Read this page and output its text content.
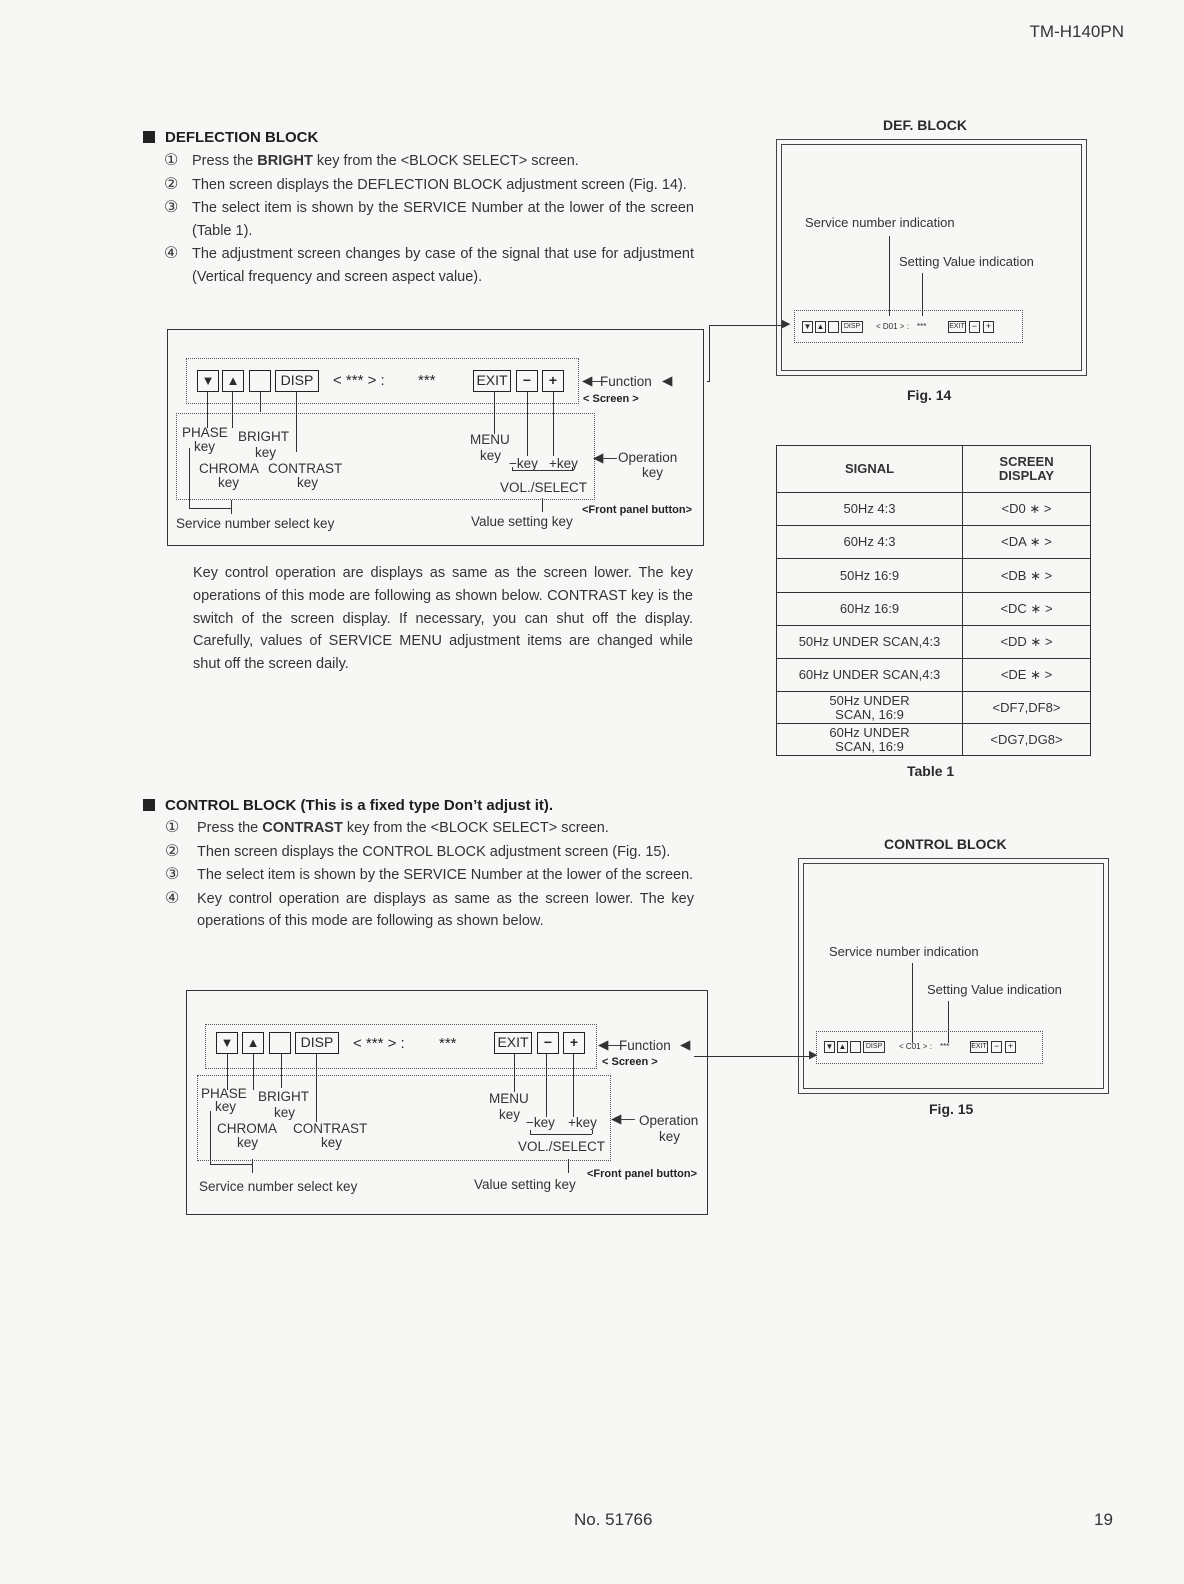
TM-H140PN
DEFLECTION BLOCK
① Press the BRIGHT key from the <BLOCK SELECT> screen.
② Then screen displays the DEFLECTION BLOCK adjustment screen (Fig. 14).
③ The select item is shown by the SERVICE Number at the lower of the screen (Table 1).
④ The adjustment screen changes by case of the signal that use for adjustment (Vertical frequency and screen aspect value).
▼ ▲	DISP	< *** > : ***	EXIT	−	+	◀—
Function ◀
< Screen >
PHASE
key
BRIGHT
key
CHROMA
key
CONTRAST
key
MENU
key
−key +key
VOL./SELECT
◀— Operation
key
<Front panel button>
Service number select key	Value setting key
▶
Key control operation are displays as same as the screen lower. The key operations of this mode are following as shown below. CONTRAST key is the switch of the screen display. If necessary, you can shut off the display. Carefully, values of SERVICE MENU adjustment items are changed while shut off the screen daily.
DEF. BLOCK
Service number indication
Setting Value indication
▼ ▲	DISP	< D01 > : ***	EXIT − +
Fig. 14
SIGNAL	SCREEN DISPLAY
50Hz 4:3	<D0 ∗ >
60Hz 4:3	<DA ∗ >
50Hz 16:9	<DB ∗ >
60Hz 16:9	<DC ∗ >
50Hz UNDER SCAN,4:3	<DD ∗ >
60Hz UNDER SCAN,4:3	<DE ∗ >
50Hz UNDER SCAN, 16:9	<DF7,DF8>
60Hz UNDER SCAN, 16:9	<DG7,DG8>
Table 1
CONTROL BLOCK (This is a fixed type Don’t adjust it).
① Press the CONTRAST key from the <BLOCK SELECT> screen.
② Then screen displays the CONTROL BLOCK adjustment screen (Fig. 15).
③ The select item is shown by the SERVICE Number at the lower of the screen.
④ Key control operation are displays as same as the screen lower. The key operations of this mode are following as shown below.
▼	▲	DISP	< *** > : ***	EXIT	−	+	◀—
Function ◀
< Screen >
PHASE
key
BRIGHT
key
CHROMA
key
CONTRAST
key
MENU
key
−key +key
VOL./SELECT
◀— Operation
key
<Front panel button>
Service number select key	Value setting key
▶
CONTROL BLOCK
Service number indication
Setting Value indication
▼ ▲	DISP	< C01 > : ***	EXIT − +
Fig. 15
No. 51766	19
